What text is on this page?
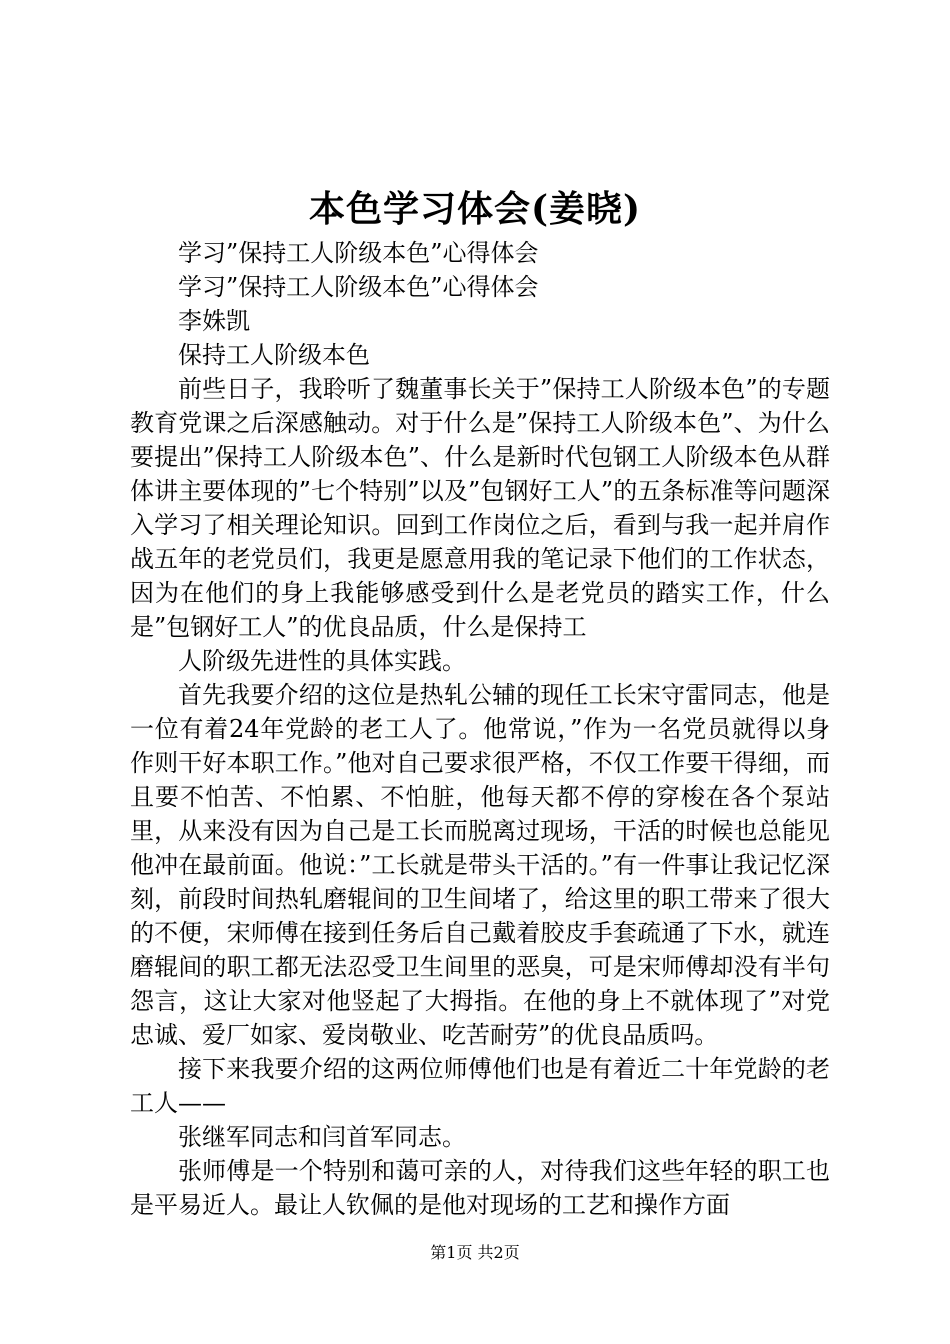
本色学习体会(姜晓)

学习”保持工人阶级本色”心得体会

学习”保持工人阶级本色”心得体会

李姝凯

保持工人阶级本色

前些日子，我聆听了魏董事长关于”保持工人阶级本色”的专题教育党课之后深感触动。对于什么是”保持工人阶级本色”、为什么要提出”保持工人阶级本色”、什么是新时代包钢工人阶级本色从群体讲主要体现的”七个特别”以及”包钢好工人”的五条标准等问题深入学习了相关理论知识。回到工作岗位之后，看到与我一起并肩作战五年的老党员们，我更是愿意用我的笔记录下他们的工作状态，因为在他们的身上我能够感受到什么是老党员的踏实工作，什么是”包钢好工人”的优良品质，什么是保持工

人阶级先进性的具体实践。

首先我要介绍的这位是热轧公辅的现任工长宋守雷同志，他是一位有着24年党龄的老工人了。他常说，”作为一名党员就得以身作则干好本职工作。”他对自己要求很严格，不仅工作要干得细，而且要不怕苦、不怕累、不怕脏，他每天都不停的穿梭在各个泵站里，从来没有因为自己是工长而脱离过现场，干活的时候也总能见他冲在最前面。他说：”工长就是带头干活的。”有一件事让我记忆深刻，前段时间热轧磨辊间的卫生间堵了，给这里的职工带来了很大的不便，宋师傅在接到任务后自己戴着胶皮手套疏通了下水，就连磨辊间的职工都无法忍受卫生间里的恶臭，可是宋师傅却没有半句怨言，这让大家对他竖起了大拇指。在他的身上不就体现了”对党忠诚、爱厂如家、爱岗敬业、吃苦耐劳”的优良品质吗。

接下来我要介绍的这两位师傅他们也是有着近二十年党龄的老工人——

张继军同志和闫首军同志。

张师傅是一个特别和蔼可亲的人，对待我们这些年轻的职工也是平易近人。最让人钦佩的是他对现场的工艺和操作方面

第1页 共2页
